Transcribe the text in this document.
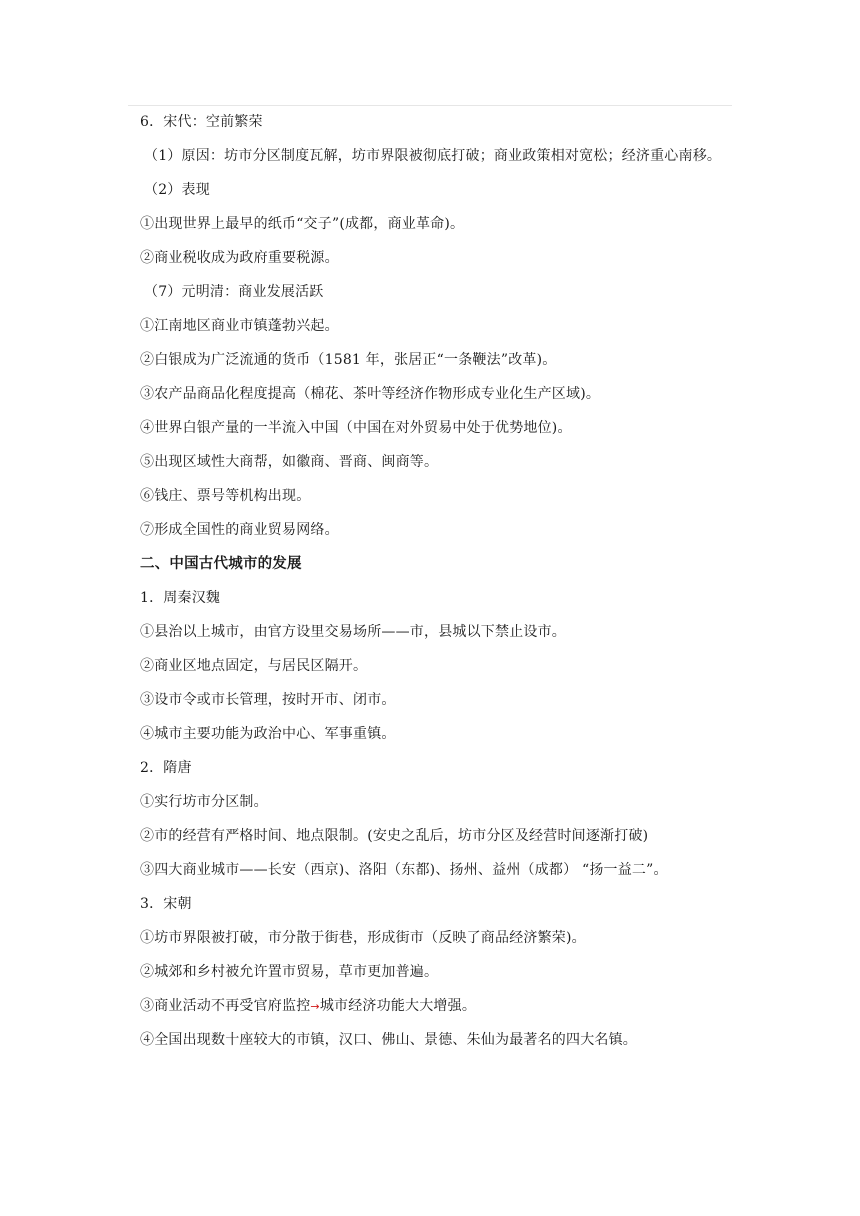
6．宋代：空前繁荣
（1）原因：坊市分区制度瓦解，坊市界限被彻底打破；商业政策相对宽松；经济重心南移。
（2）表现
①出现世界上最早的纸币“交子”(成都，商业革命)。
②商业税收成为政府重要税源。
（7）元明清：商业发展活跃
①江南地区商业市镇蓬勃兴起。
②白银成为广泛流通的货币（1581 年，张居正“一条鞭法”改革)。
③农产品商品化程度提高（棉花、茶叶等经济作物形成专业化生产区域)。
④世界白银产量的一半流入中国（中国在对外贸易中处于优势地位)。
⑤出现区域性大商帮，如徽商、晋商、闽商等。
⑥钱庄、票号等机构出现。
⑦形成全国性的商业贸易网络。
二、中国古代城市的发展
1．周秦汉魏
①县治以上城市，由官方设里交易场所——市，县城以下禁止设市。
②商业区地点固定，与居民区隔开。
③设市令或市长管理，按时开市、闭市。
④城市主要功能为政治中心、军事重镇。
2．隋唐
①实行坊市分区制。
②市的经营有严格时间、地点限制。(安史之乱后，坊市分区及经营时间逐渐打破)
③四大商业城市——长安（西京)、洛阳（东都)、扬州、益州（成都） “扬一益二”。
3．宋朝
①坊市界限被打破，市分散于街巷，形成街市（反映了商品经济繁荣)。
②城郊和乡村被允许置市贸易，草市更加普遍。
③商业活动不再受官府监控→城市经济功能大大增强。
④全国出现数十座较大的市镇，汉口、佛山、景德、朱仙为最著名的四大名镇。
